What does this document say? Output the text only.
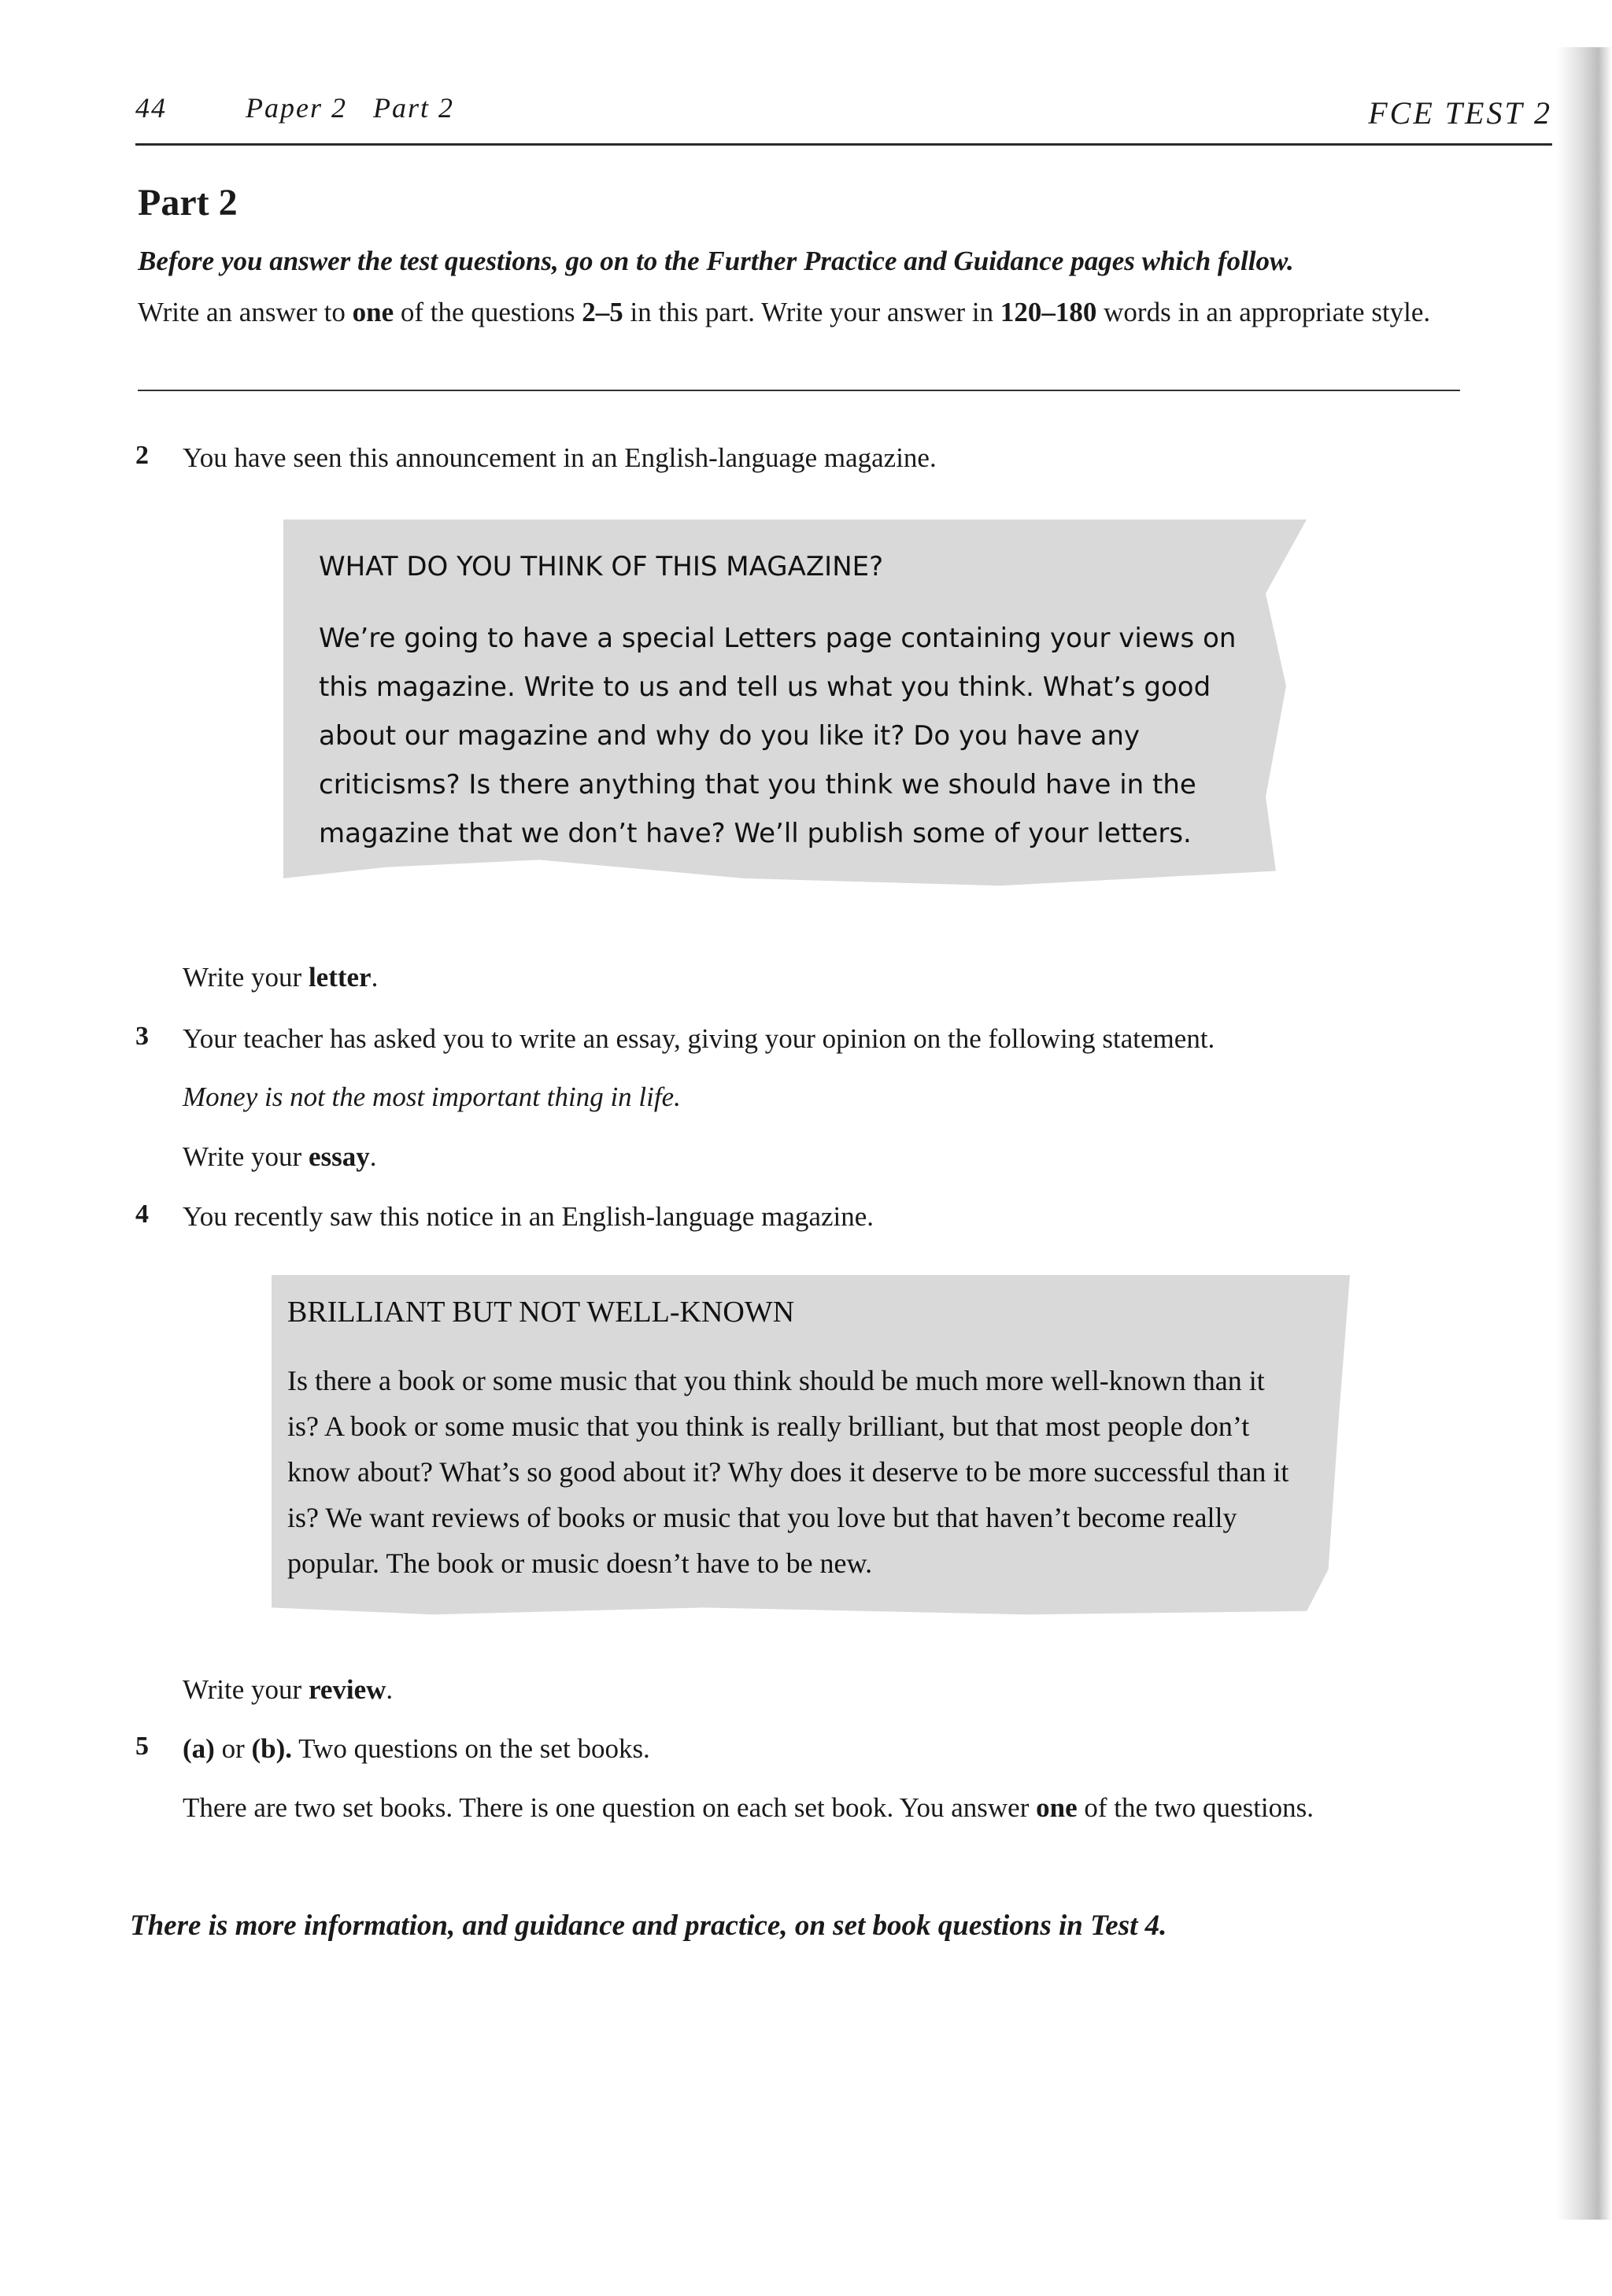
44	Paper 2   Part 2	FCE TEST 2
Part 2
Before you answer the test questions, go on to the Further Practice and Guidance pages which follow.
Write an answer to one of the questions 2–5 in this part. Write your answer in 120–180 words in an appropriate style.
2 You have seen this announcement in an English-language magazine.
WHAT DO YOU THINK OF THIS MAGAZINE?
We’re going to have a special Letters page containing your views on this magazine. Write to us and tell us what you think. What’s good about our magazine and why do you like it? Do you have any criticisms? Is there anything that you think we should have in the magazine that we don’t have? We’ll publish some of your letters.
Write your letter.
3 Your teacher has asked you to write an essay, giving your opinion on the following statement.
Money is not the most important thing in life.
Write your essay.
4 You recently saw this notice in an English-language magazine.
BRILLIANT BUT NOT WELL-KNOWN
Is there a book or some music that you think should be much more well-known than it is? A book or some music that you think is really brilliant, but that most people don’t know about? What’s so good about it? Why does it deserve to be more successful than it is? We want reviews of books or music that you love but that haven’t become really popular. The book or music doesn’t have to be new.
Write your review.
5 (a) or (b). Two questions on the set books.
There are two set books. There is one question on each set book. You answer one of the two questions.
There is more information, and guidance and practice, on set book questions in Test 4.
